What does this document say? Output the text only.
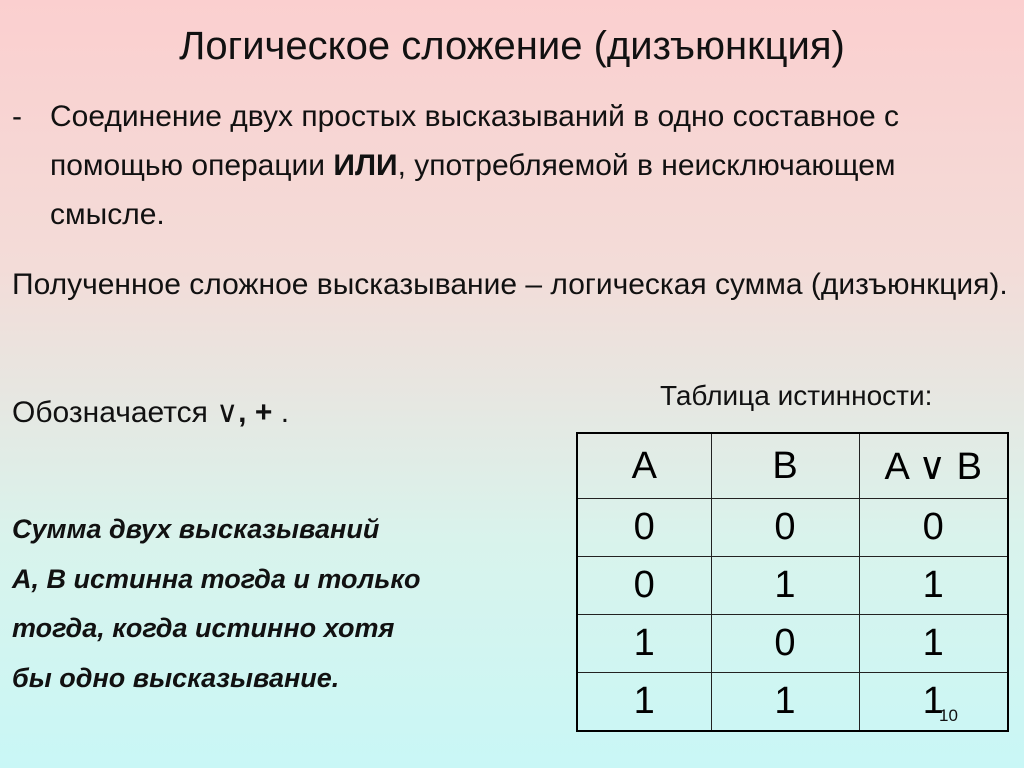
Логическое сложение (дизъюнкция)
- Соединение двух простых высказываний в одно составное с помощью операции ИЛИ, употребляемой в неисключающем смысле.
Полученное сложное высказывание – логическая сумма (дизъюнкция).
Обозначается ∨, + .
Сумма двух высказываний
А, В истинна тогда и только
тогда, когда истинно хотя
бы одно высказывание.
Таблица истинности:
A	B	A ∨ B
0	0	0
0	1	1
1	0	1
1	1	1
10
